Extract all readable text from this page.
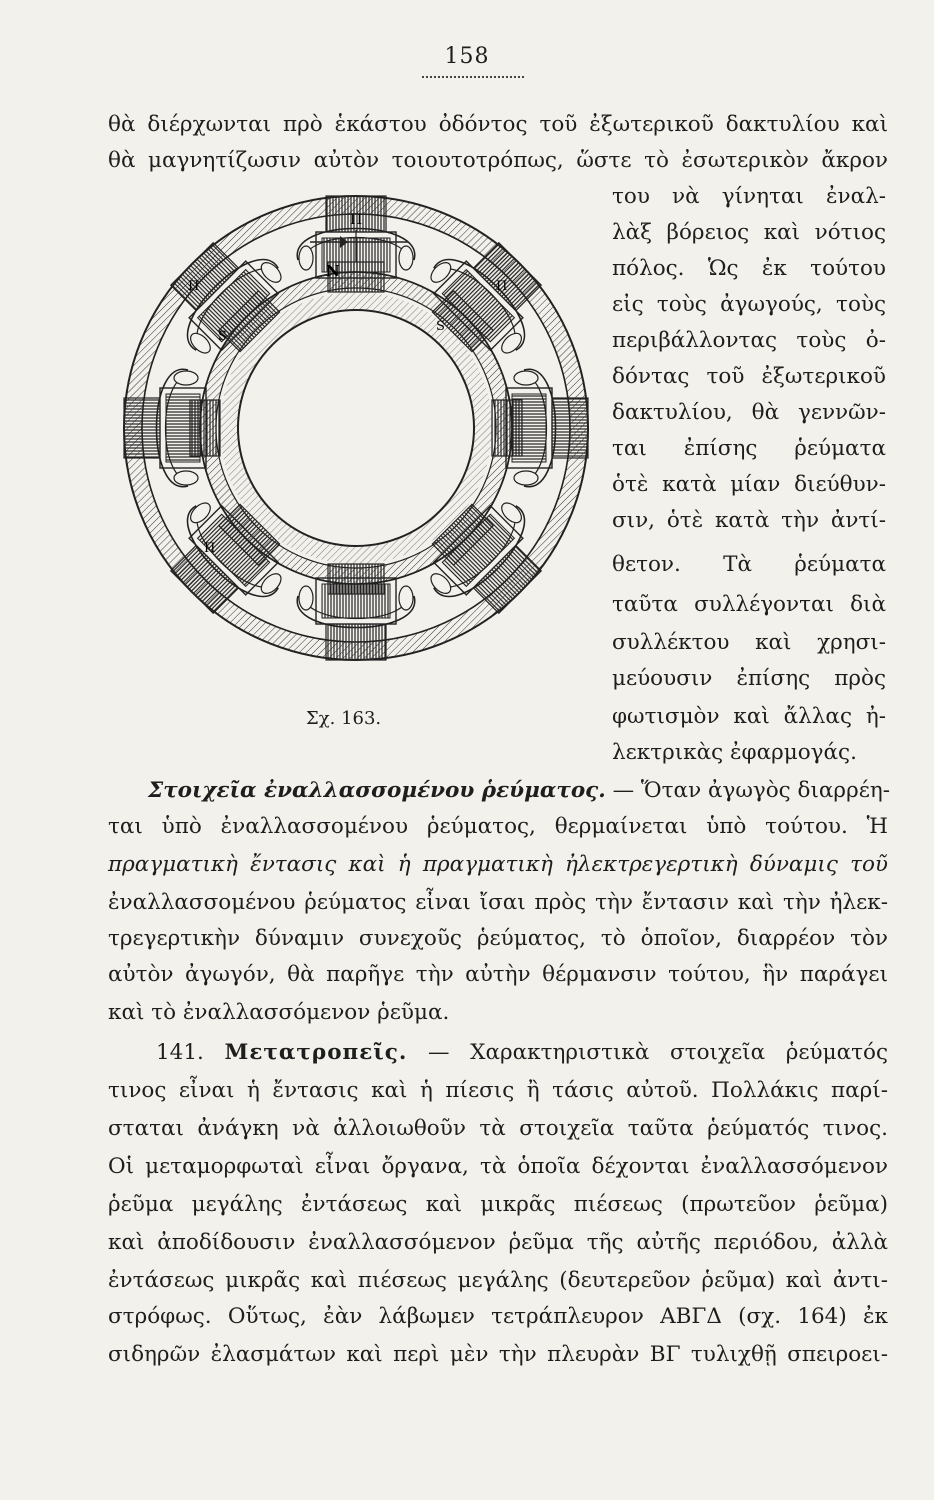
158
θὰ διέρχωνται πρὸ ἑκάστου ὀδόντος τοῦ ἐξωτερικοῦ δακτυλίου καὶ
θὰ μαγνητίζωσιν αὐτὸν τοιουτοτρόπως, ὥστε τὸ ἐσωτερικὸν ἄκρον
Π
N
Π	Π
S
S
Π
Σχ. 163.
του νὰ γίνηται ἐναλ-
λὰξ βόρειος καὶ νότιος
πόλος. Ὡς ἐκ τούτου
εἰς τοὺς ἀγωγούς, τοὺς
περιβάλλοντας τοὺς ὀ-
δόντας τοῦ ἐξωτερικοῦ
δακτυλίου, θὰ γεννῶν-
ται ἐπίσης ῥεύματα
ὁτὲ κατὰ μίαν διεύθυν-
σιν, ὁτὲ κατὰ τὴν ἀντί-
θετον. Τὰ ῥεύματα
ταῦτα συλλέγονται διὰ
συλλέκτου καὶ χρησι-
μεύουσιν ἐπίσης πρὸς
φωτισμὸν καὶ ἄλλας ἠ-
λεκτρικὰς ἐφαρμογάς.
Στοιχεῖα ἐναλλασσομένου ῥεύματος. — Ὅταν ἀγωγὸς διαρρέη-
ται ὑπὸ ἐναλλασσομένου ῥεύματος, θερμαίνεται ὑπὸ τούτου. Ἡ
πραγματικὴ ἔντασις καὶ ἡ πραγματικὴ ἠλεκτρεγερτικὴ δύναμις τοῦ
ἐναλλασσομένου ῥεύματος εἶναι ἴσαι πρὸς τὴν ἔντασιν καὶ τὴν ἠλεκ-
τρεγερτικὴν δύναμιν συνεχοῦς ῥεύματος, τὸ ὁποῖον, διαρρέον τὸν
αὐτὸν ἀγωγόν, θὰ παρῆγε τὴν αὐτὴν θέρμανσιν τούτου, ἣν παράγει
καὶ τὸ ἐναλλασσόμενον ῥεῦμα.
141. Μετατροπεῖς. — Χαρακτηριστικὰ στοιχεῖα ῥεύματός
τινος εἶναι ἡ ἔντασις καὶ ἡ πίεσις ἢ τάσις αὐτοῦ. Πολλάκις παρί-
σταται ἀνάγκη νὰ ἀλλοιωθοῦν τὰ στοιχεῖα ταῦτα ῥεύματός τινος.
Οἱ μεταμορφωταὶ εἶναι ὄργανα, τὰ ὁποῖα δέχονται ἐναλλασσόμενον
ῥεῦμα μεγάλης ἐντάσεως καὶ μικρᾶς πιέσεως (πρωτεῦον ῥεῦμα)
καὶ ἀποδίδουσιν ἐναλλασσόμενον ῥεῦμα τῆς αὐτῆς περιόδου, ἀλλὰ
ἐντάσεως μικρᾶς καὶ πιέσεως μεγάλης (δευτερεῦον ῥεῦμα) καὶ ἀντι-
στρόφως. Οὕτως, ἐὰν λάβωμεν τετράπλευρον ΑΒΓΔ (σχ. 164) ἐκ
σιδηρῶν ἐλασμάτων καὶ περὶ μὲν τὴν πλευρὰν ΒΓ τυλιχθῇ σπειροει-
